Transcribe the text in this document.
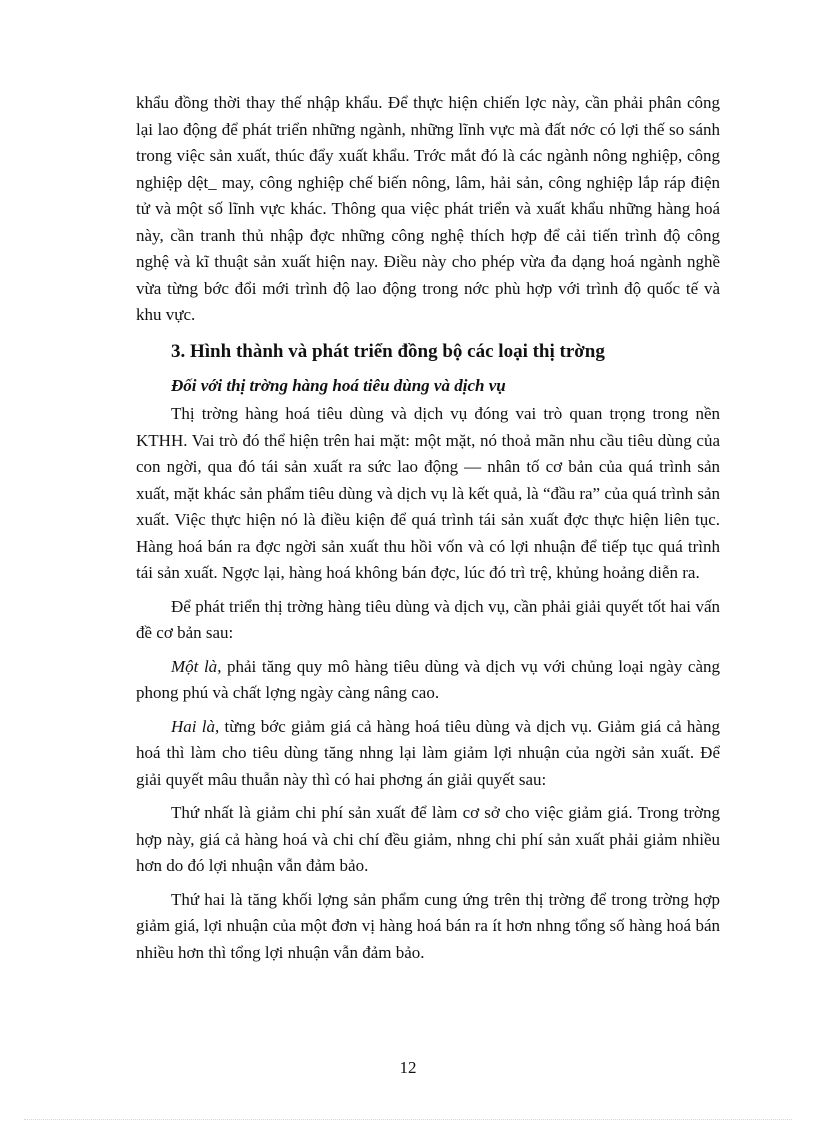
khẩu đồng thời thay thế nhập khẩu. Để thực hiện chiến lợc này, cần phải phân công lại lao động để phát triển những ngành, những lĩnh vực mà đất nớc có lợi thế so sánh trong việc sản xuất, thúc đẩy xuất khẩu. Trớc mắt đó là các ngành nông nghiệp, công nghiệp dệt_ may, công nghiệp chế biến nông, lâm, hải sản, công nghiệp lắp ráp điện tử và một số lĩnh vực khác. Thông qua việc phát triển và xuất khẩu những hàng hoá này, cần tranh thủ nhập đợc những công nghệ thích hợp để cải tiến trình độ công nghệ và kĩ thuật sản xuất hiện nay. Điều này cho phép vừa đa dạng hoá ngành nghề vừa từng bớc đổi mới trình độ lao động trong nớc phù hợp với trình độ quốc tế và khu vực.

3. Hình thành và phát triển đồng bộ các loại thị trờng
Đối với thị trờng hàng hoá tiêu dùng và dịch vụ

Thị trờng hàng hoá tiêu dùng và dịch vụ đóng vai trò quan trọng trong nền KTHH. Vai trò đó thể hiện trên hai mặt: một mặt, nó thoả mãn nhu cầu tiêu dùng của con ngời, qua đó tái sản xuất ra sức lao động — nhân tố cơ bản của quá trình sản xuất, mặt khác sản phẩm tiêu dùng và dịch vụ là kết quả, là “đầu ra” của quá trình sản xuất. Việc thực hiện nó là điều kiện để quá trình tái sản xuất đợc thực hiện liên tục. Hàng hoá bán ra đợc ngời sản xuất thu hồi vốn và có lợi nhuận để tiếp tục quá trình tái sản xuất. Ngợc lại, hàng hoá không bán đợc, lúc đó trì trệ, khủng hoảng diễn ra.

Để phát triển thị trờng hàng tiêu dùng và dịch vụ, cần phải giải quyết tốt hai vấn đề cơ bản sau:

Một là, phải tăng quy mô hàng tiêu dùng và dịch vụ với chủng loại ngày càng phong phú và chất lợng ngày càng nâng cao.

Hai là, từng bớc giảm giá cả hàng hoá tiêu dùng và dịch vụ. Giảm giá cả hàng hoá thì làm cho tiêu dùng tăng nhng lại làm giảm lợi nhuận của ngời sản xuất. Để giải quyết mâu thuẫn này thì có hai phơng án giải quyết sau:

Thứ nhất là giảm chi phí sản xuất để làm cơ sở cho việc giảm giá. Trong trờng hợp này, giá cả hàng hoá và chi chí đều giảm, nhng chi phí sản xuất phải giảm nhiều hơn do đó lợi nhuận vẫn đảm bảo.

Thứ hai là tăng khối lợng sản phẩm cung ứng trên thị trờng để trong trờng hợp giảm giá, lợi nhuận của một đơn vị hàng hoá bán ra ít hơn nhng tổng số hàng hoá bán nhiều hơn thì tổng lợi nhuận vẫn đảm bảo.

12
